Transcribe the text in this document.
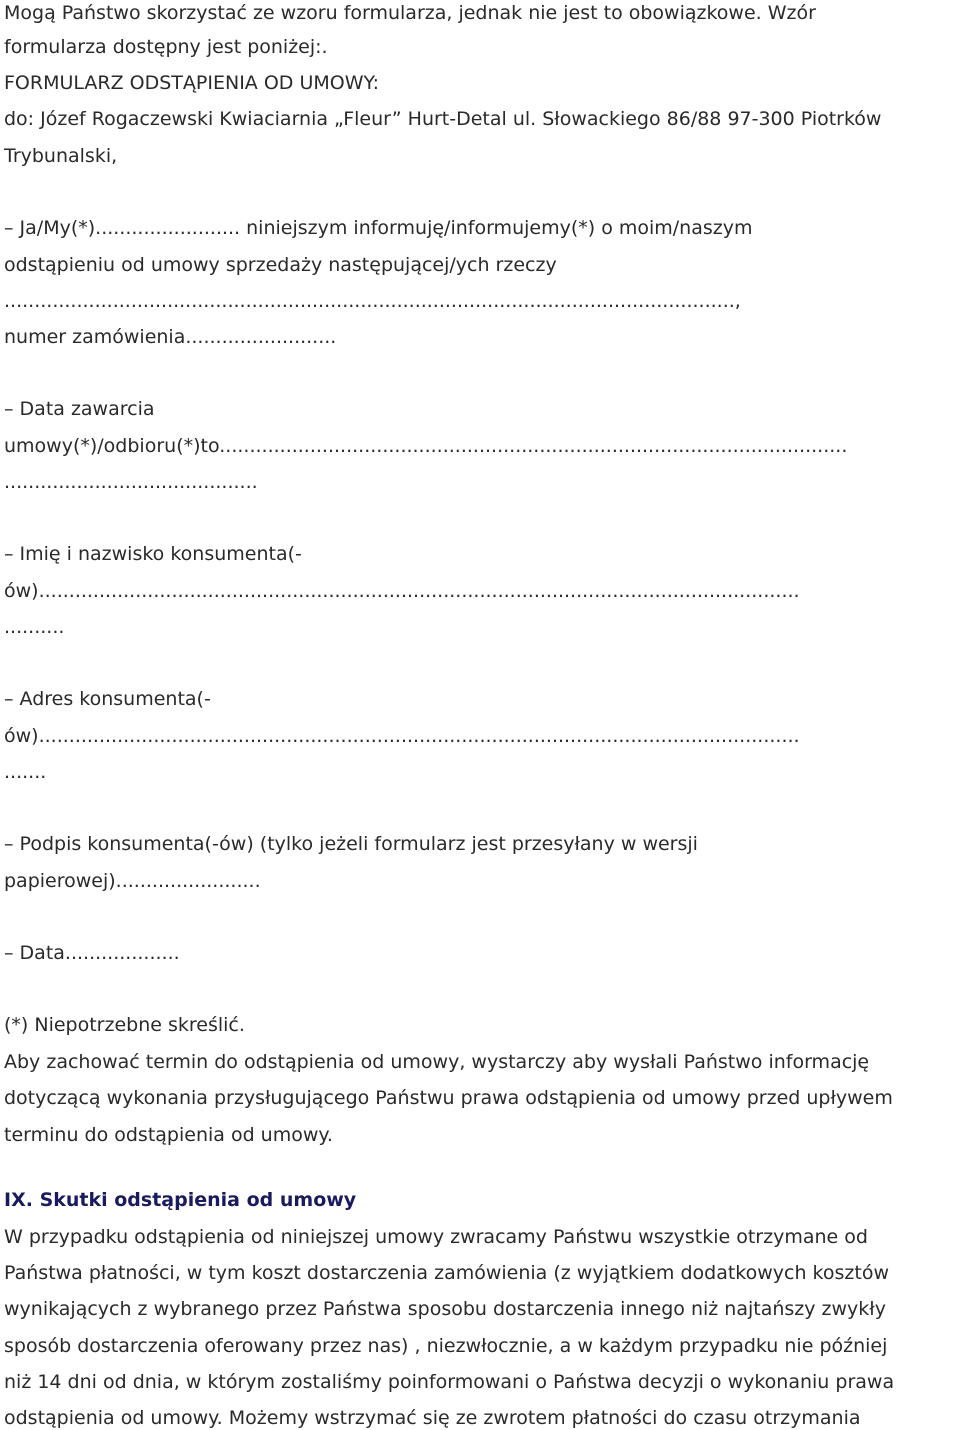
Mogą Państwo skorzystać ze wzoru formularza, jednak nie jest to obowiązkowe. Wzór
formularza dostępny jest poniżej:.
FORMULARZ ODSTĄPIENIA OD UMOWY:
do: Józef Rogaczewski Kwiaciarnia „Fleur” Hurt-Detal ul. Słowackiego 86/88 97-300 Piotrków
Trybunalski,
– Ja/My(*)........................ niniejszym informuję/informujemy(*) o moim/naszym
odstąpieniu od umowy sprzedaży następującej/ych rzeczy
.........................................................................................................................,
numer zamówienia.........................
– Data zawarcia
umowy(*)/odbioru(*)to........................................................................................................
..........................................
– Imię i nazwisko konsumenta(-
ów)..............................................................................................................................
..........
– Adres konsumenta(-
ów)..............................................................................................................................
.......
– Podpis konsumenta(-ów) (tylko jeżeli formularz jest przesyłany w wersji
papierowej)........................
– Data...................
(*) Niepotrzebne skreślić.
Aby zachować termin do odstąpienia od umowy, wystarczy aby wysłali Państwo informację
dotyczącą wykonania przysługującego Państwu prawa odstąpienia od umowy przed upływem
terminu do odstąpienia od umowy.
IX. Skutki odstąpienia od umowy
W przypadku odstąpienia od niniejszej umowy zwracamy Państwu wszystkie otrzymane od
Państwa płatności, w tym koszt dostarczenia zamówienia (z wyjątkiem dodatkowych kosztów
wynikających z wybranego przez Państwa sposobu dostarczenia innego niż najtańszy zwykły
sposób dostarczenia oferowany przez nas) , niezwłocznie, a w każdym przypadku nie później
niż 14 dni od dnia, w którym zostaliśmy poinformowani o Państwa decyzji o wykonaniu prawa
odstąpienia od umowy. Możemy wstrzymać się ze zwrotem płatności do czasu otrzymania
